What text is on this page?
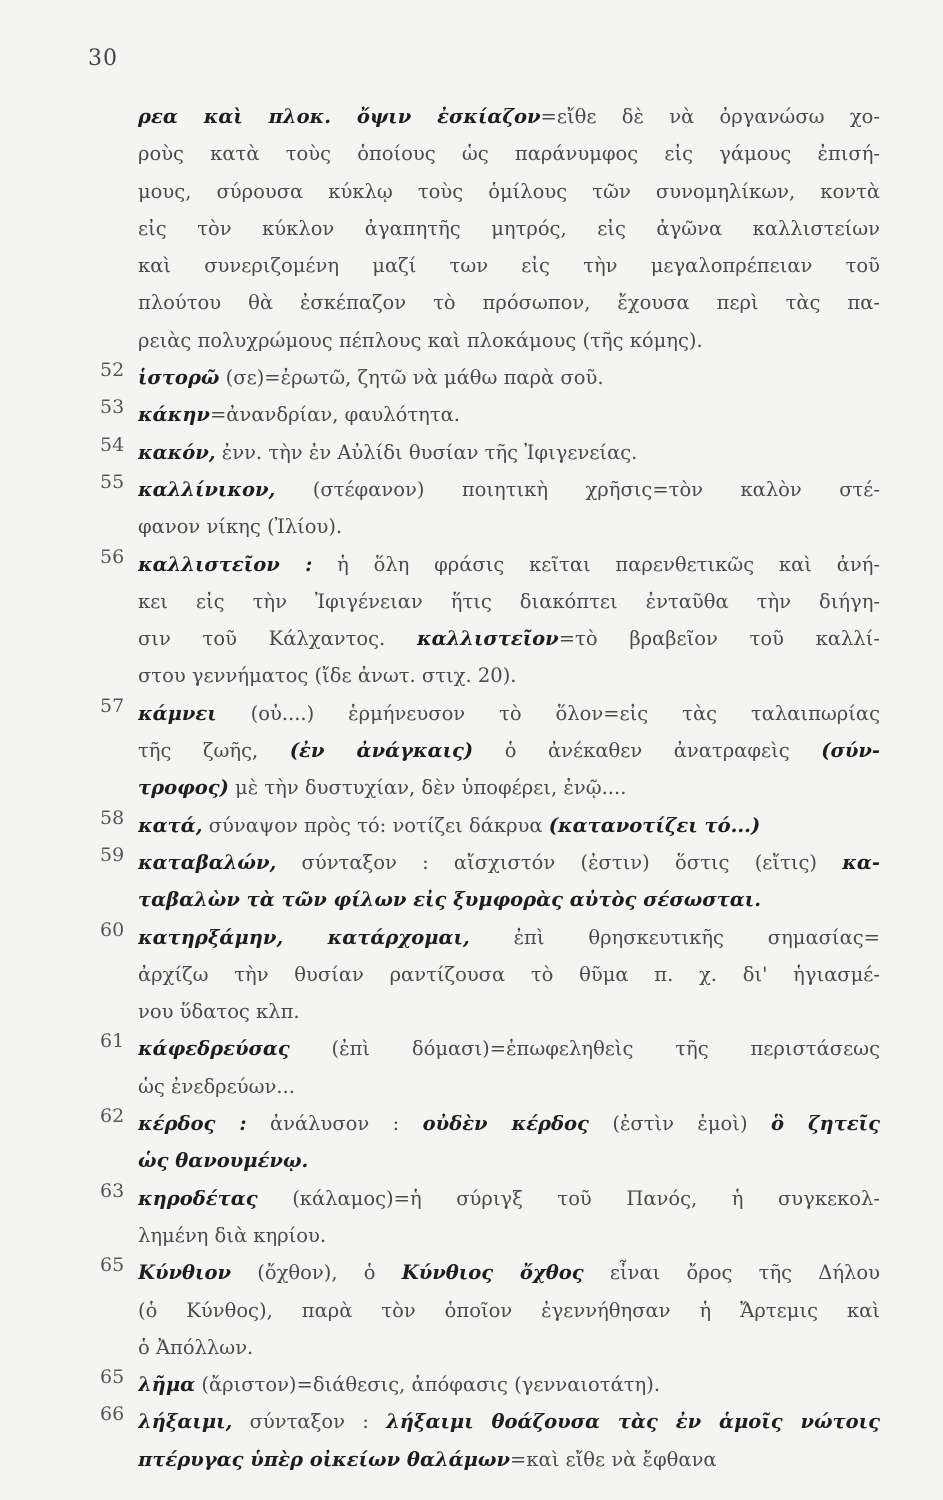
30
ρεα καὶ πλοκ. ὄψιν ἐσκίαζον=εἴθε δὲ νὰ ὀργανώσω χο-
ροὺς κατὰ τοὺς ὁποίους ὡς παράνυμφος εἰς γάμους ἐπισή-
μους, σύρουσα κύκλῳ τοὺς ὁμίλους τῶν συνομηλίκων, κοντὰ
εἰς τὸν κύκλον ἀγαπητῆς μητρός, εἰς ἀγῶνα καλλιστείων
καὶ συνεριζομένη μαζί των εἰς τὴν μεγαλοπρέπειαν τοῦ
πλούτου θὰ ἐσκέπαζον τὸ πρόσωπον, ἔχουσα περὶ τὰς πα-
ρειὰς πολυχρώμους πέπλους καὶ πλοκάμους (τῆς κόμης).
52 ἱστορῶ (σε)=ἐρωτῶ, ζητῶ νὰ μάθω παρὰ σοῦ.
53 κάκην=ἀνανδρίαν, φαυλότητα.
54 κακόν, ἐνν. τὴν ἐν Αὐλίδι θυσίαν τῆς Ἰφιγενείας.
55 καλλίνικον, (στέφανον) ποιητικὴ χρῆσις=τὸν καλὸν στέ-
φανον νίκης (Ἰλίου).
56 καλλιστεῖον : ἡ ὅλη φράσις κεῖται παρενθετικῶς καὶ ἀνή-
κει εἰς τὴν Ἰφιγένειαν ἥτις διακόπτει ἐνταῦθα τὴν διήγη-
σιν τοῦ Κάλχαντος. καλλιστεῖον=τὸ βραβεῖον τοῦ καλλί-
στου γεννήματος (ἴδε ἀνωτ. στιχ. 20).
57 κάμνει (οὐ....) ἑρμήνευσον τὸ ὅλον=εἰς τὰς ταλαιπωρίας
τῆς ζωῆς, (ἐν ἀνάγκαις) ὁ ἀνέκαθεν ἀνατραφεὶς (σύν-
τροφος) μὲ τὴν δυστυχίαν, δὲν ὑποφέρει, ἐνῷ....
58 κατά, σύναψον πρὸς τό: νοτίζει δάκρυα (κατανοτίζει τό...)
59 καταβαλών, σύνταξον : αἴσχιστόν (ἐστιν) ὅστις (εἴτις) κα-
ταβαλὼν τὰ τῶν φίλων εἰς ξυμφορὰς αὐτὸς σέσωσται.
60 κατηρξάμην, κατάρχομαι, ἐπὶ θρησκευτικῆς σημασίας=
ἀρχίζω τὴν θυσίαν ραντίζουσα τὸ θῦμα π. χ. δι' ἡγιασμέ-
νου ὕδατος κλπ.
61 κάφεδρεύσας (ἐπὶ δόμασι)=ἐπωφεληθεὶς τῆς περιστάσεως
ὡς ἐνεδρεύων...
62 κέρδος : ἀνάλυσον : οὐδὲν κέρδος (ἐστὶν ἐμοὶ) ὃ ζητεῖς
ὡς θανουμένῳ.
63 κηροδέτας (κάλαμος)=ἡ σύριγξ τοῦ Πανός, ἡ συγκεκολ-
λημένη διὰ κηρίου.
65 Κύνθιον (ὄχθον), ὁ Κύνθιος ὄχθος εἶναι ὄρος τῆς Δήλου
(ὁ Κύνθος), παρὰ τὸν ὁποῖον ἐγεννήθησαν ἡ Ἄρτεμις καὶ
ὁ Ἀπόλλων.
65 λῆμα (ἄριστον)=διάθεσις, ἀπόφασις (γενναιοτάτη).
66 λήξαιμι, σύνταξον : λήξαιμι θοάζουσα τὰς ἐν ἁμοῖς νώτοις
πτέρυγας ὑπὲρ οἰκείων θαλάμων=καὶ εἴθε νὰ ἔφθανα
